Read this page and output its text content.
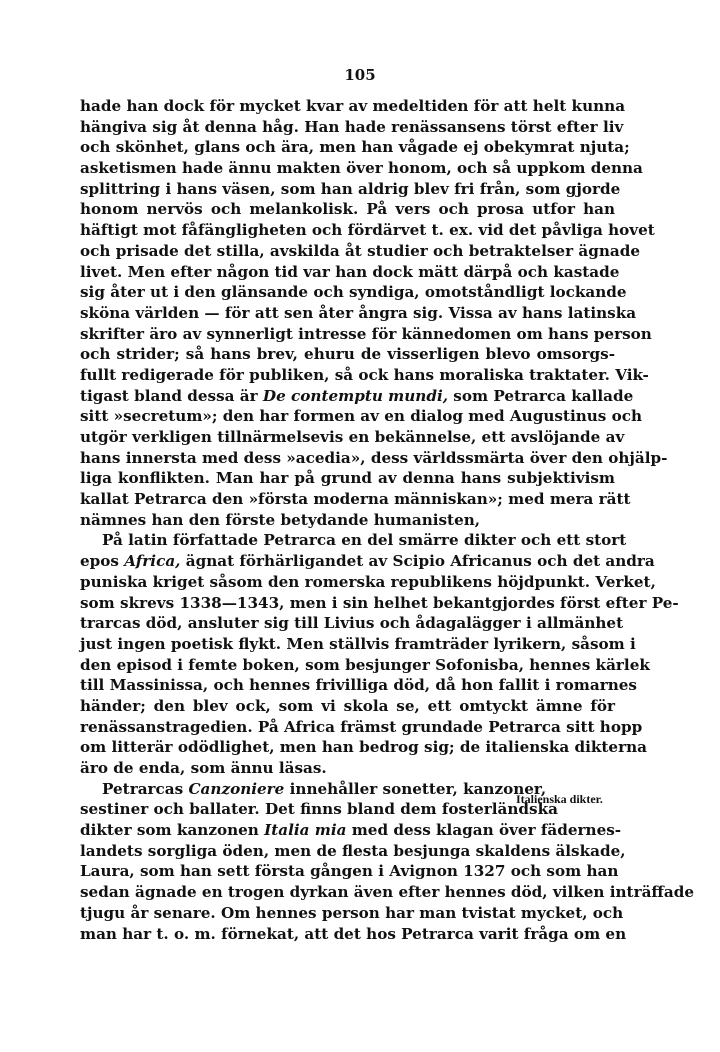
105
hade han dock för mycket kvar av medeltiden för att helt kunna
hängiva sig åt denna håg. Han hade renässansens törst efter liv
och skönhet, glans och ära, men han vågade ej obekymrat njuta;
asketismen hade ännu makten över honom, och så uppkom denna
splittring i hans väsen, som han aldrig blev fri från, som gjorde
honom nervös och melankolisk. På vers och prosa utfor han
häftigt mot fåfängligheten och fördärvet t. ex. vid det påvliga hovet
och prisade det stilla, avskilda åt studier och betraktelser ägnade
livet. Men efter någon tid var han dock mätt därpå och kastade
sig åter ut i den glänsande och syndiga, omotståndligt lockande
sköna världen — för att sen åter ångra sig. Vissa av hans latinska
skrifter äro av synnerligt intresse för kännedomen om hans person
och strider; så hans brev, ehuru de visserligen blevo omsorgs-
fullt redigerade för publiken, så ock hans moraliska traktater. Vik-
tigast bland dessa är De contemptu mundi, som Petrarca kallade
sitt »secretum»; den har formen av en dialog med Augustinus och
utgör verkligen tillnärmelsevis en bekännelse, ett avslöjande av
hans innersta med dess »acedia», dess världssmärta över den ohjälp-
liga konflikten. Man har på grund av denna hans subjektivism
kallat Petrarca den »första moderna människan»; med mera rätt
nämnes han den förste betydande humanisten,
På latin författade Petrarca en del smärre dikter och ett stort
epos Africa, ägnat förhärligandet av Scipio Africanus och det andra
puniska kriget såsom den romerska republikens höjdpunkt. Verket,
som skrevs 1338—1343, men i sin helhet bekantgjordes först efter Pe-
trarcas död, ansluter sig till Livius och ådagalägger i allmänhet
just ingen poetisk flykt. Men ställvis framträder lyrikern, såsom i
den episod i femte boken, som besjunger Sofonisba, hennes kärlek
till Massinissa, och hennes frivilliga död, då hon fallit i romarnes
händer; den blev ock, som vi skola se, ett omtyckt ämne för
renässanstragedien. På Africa främst grundade Petrarca sitt hopp
om litterär odödlighet, men han bedrog sig; de italienska dikterna
äro de enda, som ännu läsas.
Petrarcas Canzoniere innehåller sonetter, kanzoner,
sestiner och ballater. Det finns bland dem fosterländska
dikter som kanzonen Italia mia med dess klagan över fädernes-
landets sorgliga öden, men de flesta besjunga skaldens älskade,
Laura, som han sett första gången i Avignon 1327 och som han
sedan ägnade en trogen dyrkan även efter hennes död, vilken inträffade
tjugu år senare. Om hennes person har man tvistat mycket, och
man har t. o. m. förnekat, att det hos Petrarca varit fråga om en
Italienska dikter.
